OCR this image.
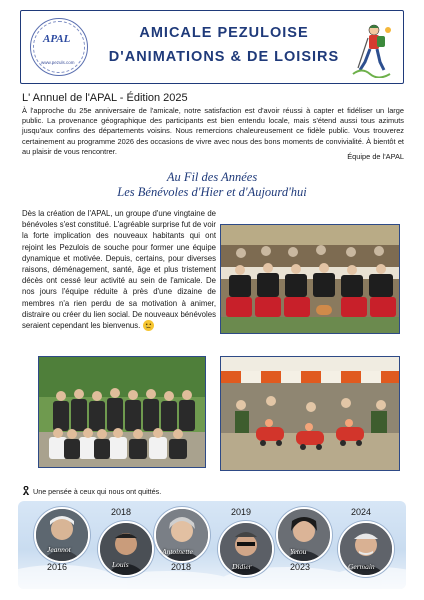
APAL
www.pezuls.com
AMICALE PEZULOISE
D'ANIMATIONS & DE LOISIRS
L' Annuel de l'APAL - Édition 2025
À l'approche du 25e anniversaire de l'amicale, notre satisfaction est d'avoir réussi à capter et fidéliser un large public. La provenance géographique des participants est bien entendu locale, mais s'étend aussi tous azimuts jusqu'aux confins des départements voisins. Nous remercions chaleureusement ce fidèle public. Vous trouverez certainement au programme 2026 des occasions de vivre avec nous des bons moments de convivialité. À bientôt et au plaisir de vous rencontrer.
Équipe de l'APAL
Au Fil des Années
Les Bénévoles d'Hier et d'Aujourd'hui
Dès la création de l'APAL, un groupe d'une vingtaine de bénévoles s'est constitué. L'agréable surprise fut de voir la forte implication des nouveaux habitants qui ont rejoint les Pezulois de souche pour former une équipe dynamique et motivée. Depuis, certains, pour diverses raisons, déménagement, santé, âge et plus tristement décès ont cessé leur activité au sein de l'amicale. De nos jours l'équipe réduite à près d'une dizaine de membres n'a rien perdu de sa motivation à animer, distraire ou créer du lien social. De nouveaux bénévoles seraient cependant les bienvenus.
Une pensée à ceux qui nous ont quittés.
Jeannot
2016
2018
Louis
Antoinette
2018
2019
Didier
Yetou
2023
2024
Germain
